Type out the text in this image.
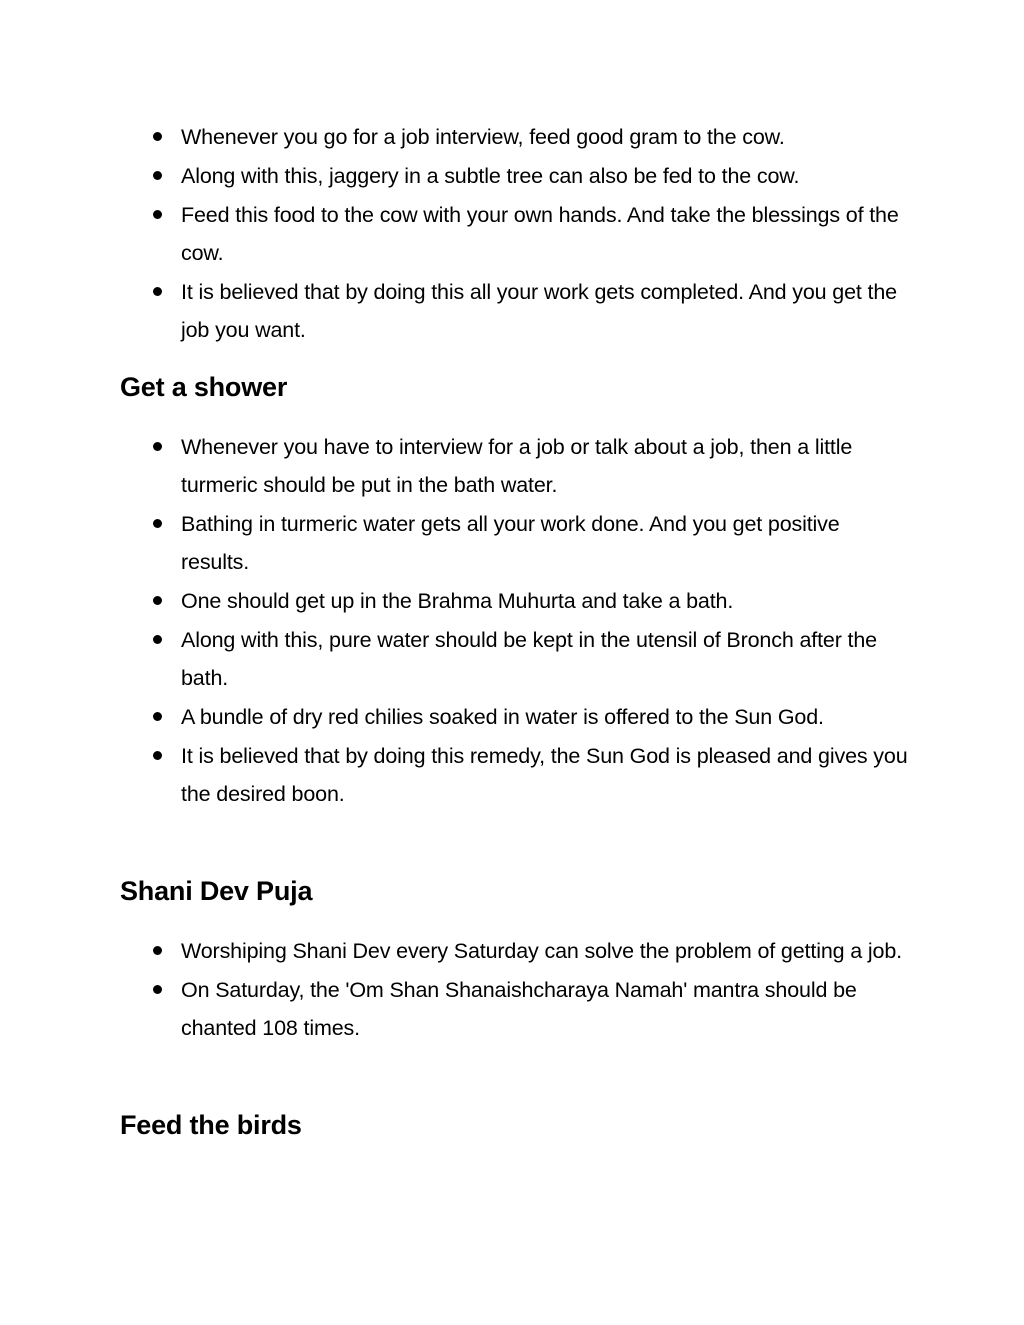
Whenever you go for a job interview, feed good gram to the cow.
Along with this, jaggery in a subtle tree can also be fed to the cow.
Feed this food to the cow with your own hands. And take the blessings of the cow.
It is believed that by doing this all your work gets completed. And you get the job you want.
Get a shower
Whenever you have to interview for a job or talk about a job, then a little turmeric should be put in the bath water.
Bathing in turmeric water gets all your work done. And you get positive results.
One should get up in the Brahma Muhurta and take a bath.
Along with this, pure water should be kept in the utensil of Bronch after the bath.
A bundle of dry red chilies soaked in water is offered to the Sun God.
It is believed that by doing this remedy, the Sun God is pleased and gives you the desired boon.
Shani Dev Puja
Worshiping Shani Dev every Saturday can solve the problem of getting a job.
On Saturday, the 'Om Shan Shanaishcharaya Namah' mantra should be chanted 108 times.
Feed the birds
